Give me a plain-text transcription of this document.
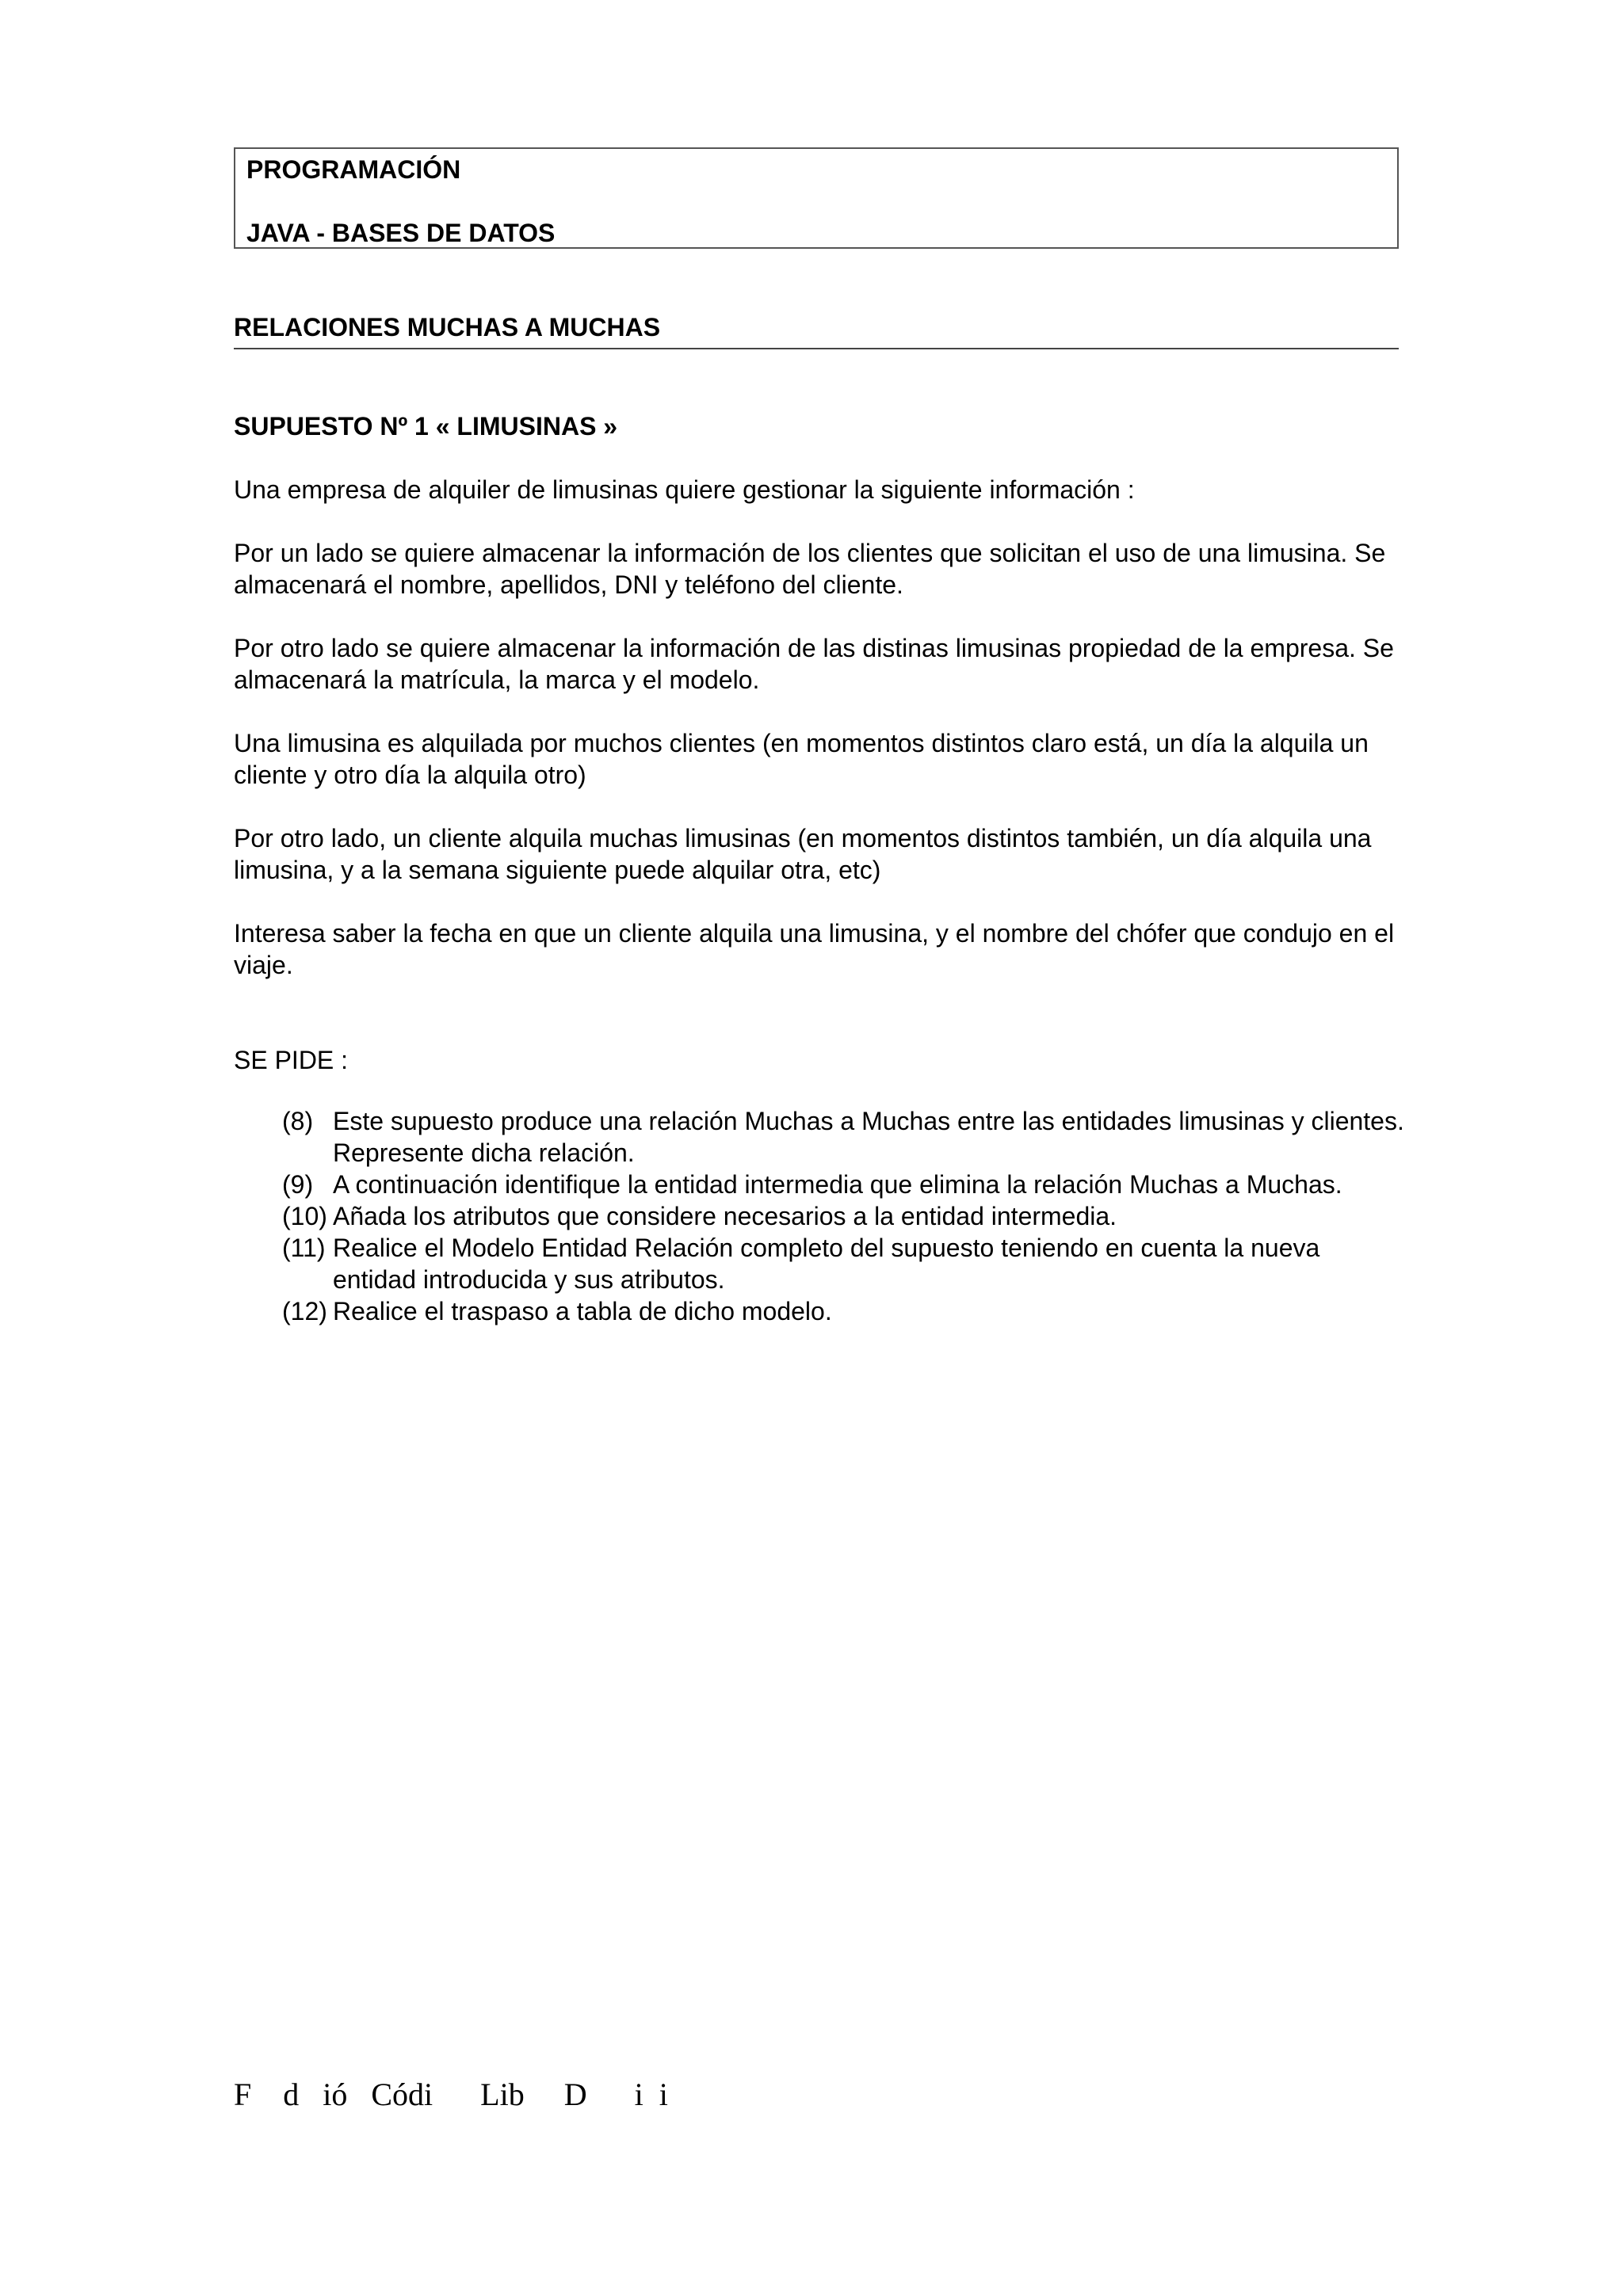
PROGRAMACIÓN
JAVA - BASES DE DATOS
RELACIONES MUCHAS A MUCHAS
SUPUESTO Nº 1 « LIMUSINAS »

Una empresa de alquiler de limusinas quiere gestionar la siguiente información :

Por un lado se quiere almacenar la información de los clientes que solicitan el uso de una limusina. Se almacenará el nombre, apellidos, DNI y teléfono del cliente.

Por otro lado se quiere almacenar la información de las distinas limusinas propiedad de la empresa. Se almacenará la matrícula, la marca y el modelo.

Una limusina es alquilada por muchos clientes (en momentos distintos claro está, un día la alquila un cliente y otro día la alquila otro)

Por otro lado, un cliente alquila muchas limusinas (en momentos distintos también, un día alquila una limusina, y a la semana siguiente puede alquilar otra, etc)

Interesa saber la fecha en que un cliente alquila una limusina, y el nombre del chófer que condujo en el viaje.

SE PIDE :

(8) Este supuesto produce una relación Muchas a Muchas entre las entidades limusinas y clientes. Represente dicha relación.
(9) A continuación identifique la entidad intermedia que elimina la relación Muchas a Muchas.
(10) Añada los atributos que considere necesarios a la entidad intermedia.
(11) Realice el Modelo Entidad Relación completo del supuesto teniendo en cuenta la nueva entidad introducida y sus atributos.
(12) Realice el traspaso a tabla de dicho modelo.
F    d   ió   Códi      Lib     D      i  i
